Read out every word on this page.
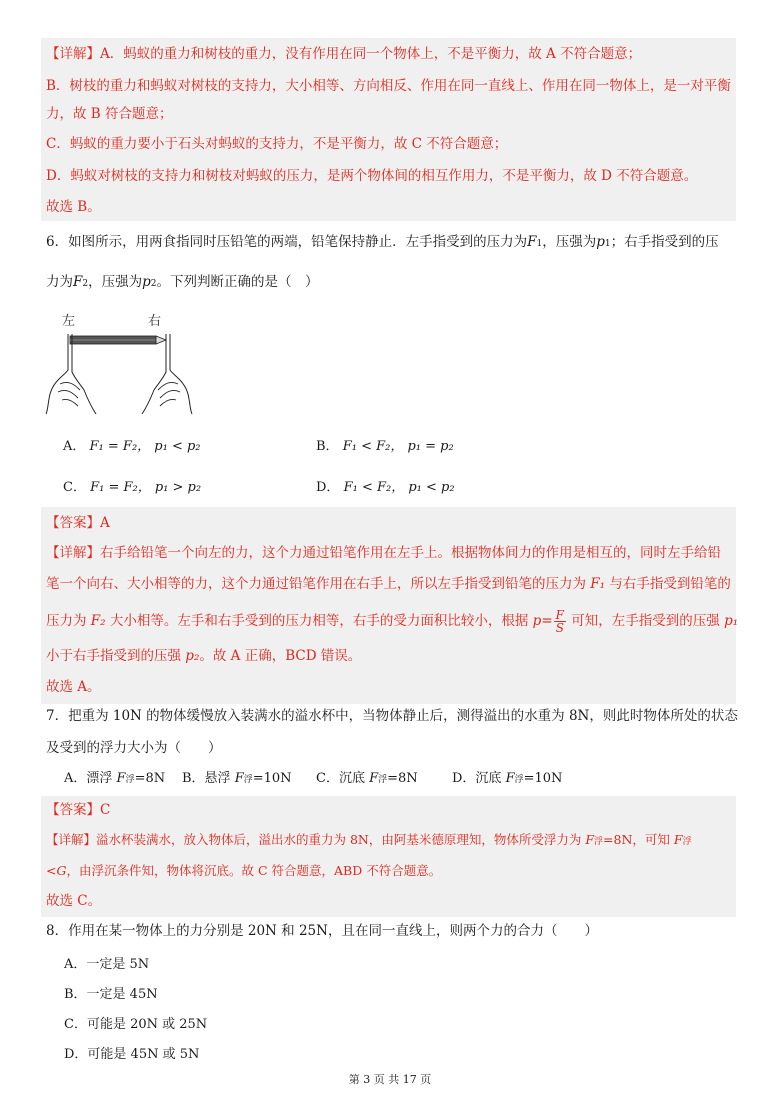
【详解】A．蚂蚁的重力和树枝的重力，没有作用在同一个物体上，不是平衡力，故 A 不符合题意；
B．树枝的重力和蚂蚁对树枝的支持力，大小相等、方向相反、作用在同一直线上、作用在同一物体上，是一对平衡
力，故 B 符合题意；
C．蚂蚁的重力要小于石头对蚂蚁的支持力，不是平衡力，故 C 不符合题意；
D．蚂蚁对树枝的支持力和树枝对蚂蚁的压力，是两个物体间的相互作用力，不是平衡力，故 D 不符合题意。
故选 B。
6．如图所示，用两食指同时压铅笔的两端，铅笔保持静止．左手指受到的压力为F1，压强为p1；右手指受到的压
力为F2，压强为p2。下列判断正确的是（　）
左	右
A． F₁ = F₂， p₁ < p₂	B． F₁ < F₂， p₁ = p₂
C． F₁ = F₂， p₁ > p₂	D． F₁ < F₂， p₁ < p₂
【答案】A
【详解】右手给铅笔一个向左的力，这个力通过铅笔作用在左手上。根据物体间力的作用是相互的，同时左手给铅
笔一个向右、大小相等的力，这个力通过铅笔作用在右手上，所以左手指受到铅笔的压力为 F₁ 与右手指受到铅笔的
压力为 F₂ 大小相等。左手和右手受到的压力相等，右手的受力面积比较小，根据 $p= \frac{F}{S}$ 可知，左手指受到的压强 p₁
小于右手指受到的压强 p₂。故 A 正确，BCD 错误。
故选 A。
7．把重为 10N 的物体缓慢放入装满水的溢水杯中，当物体静止后，测得溢出的水重为 8N，则此时物体所处的状态
及受到的浮力大小为（　　）
A．漂浮 F浮=8N B．悬浮 F浮=10N C．沉底 F浮=8N	D．沉底 F浮=10N
【答案】C
【详解】溢水杯装满水，放入物体后，溢出水的重力为 8N，由阿基米德原理知，物体所受浮力为 F浮=8N，可知 F浮
<G，由浮沉条件知，物体将沉底。故 C 符合题意，ABD 不符合题意。
故选 C。
8．作用在某一物体上的力分别是 20N 和 25N，且在同一直线上，则两个力的合力（　　）
A．一定是 5N
B．一定是 45N
C．可能是 20N 或 25N
D．可能是 45N 或 5N
第 3 页 共 17 页
